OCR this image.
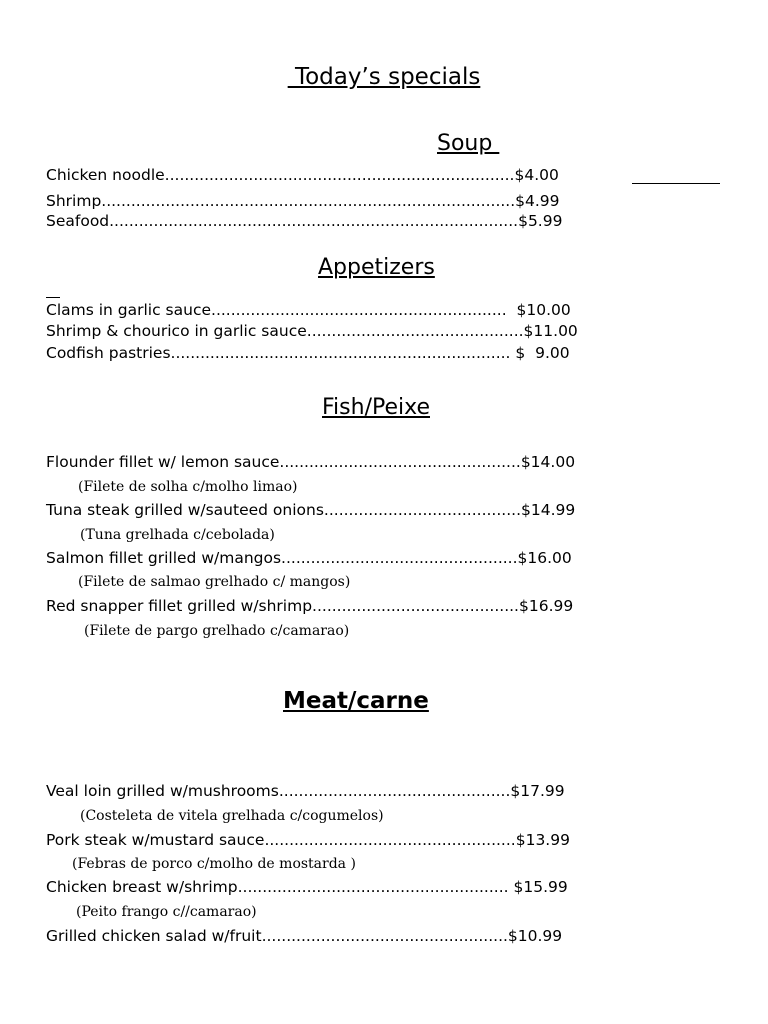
Today’s specials
Soup
Chicken noodle.......................................................................$4.00
Shrimp....................................................................................$4.99
Seafood...................................................................................$5.99
Appetizers
Clams in garlic sauce............................................................  $10.00
Shrimp & chourico in garlic sauce............................................$11.00
Codfish pastries..................................................................... $  9.00
Fish/Peixe
Flounder fillet w/ lemon sauce.................................................$14.00
(Filete de solha c/molho limao)
Tuna steak grilled w/sauteed onions........................................$14.99
(Tuna grelhada c/cebolada)
Salmon fillet grilled w/mangos................................................$16.00
(Filete de salmao grelhado c/ mangos)
Red snapper fillet grilled w/shrimp..........................................$16.99
(Filete de pargo grelhado c/camarao)
Meat/carne
Veal loin grilled w/mushrooms...............................................$17.99
(Costeleta de vitela grelhada c/cogumelos)
Pork steak w/mustard sauce...................................................$13.99
(Febras de porco c/molho de mostarda )
Chicken breast w/shrimp....................................................... $15.99
(Peito frango c//camarao)
Grilled chicken salad w/fruit..................................................$10.99
